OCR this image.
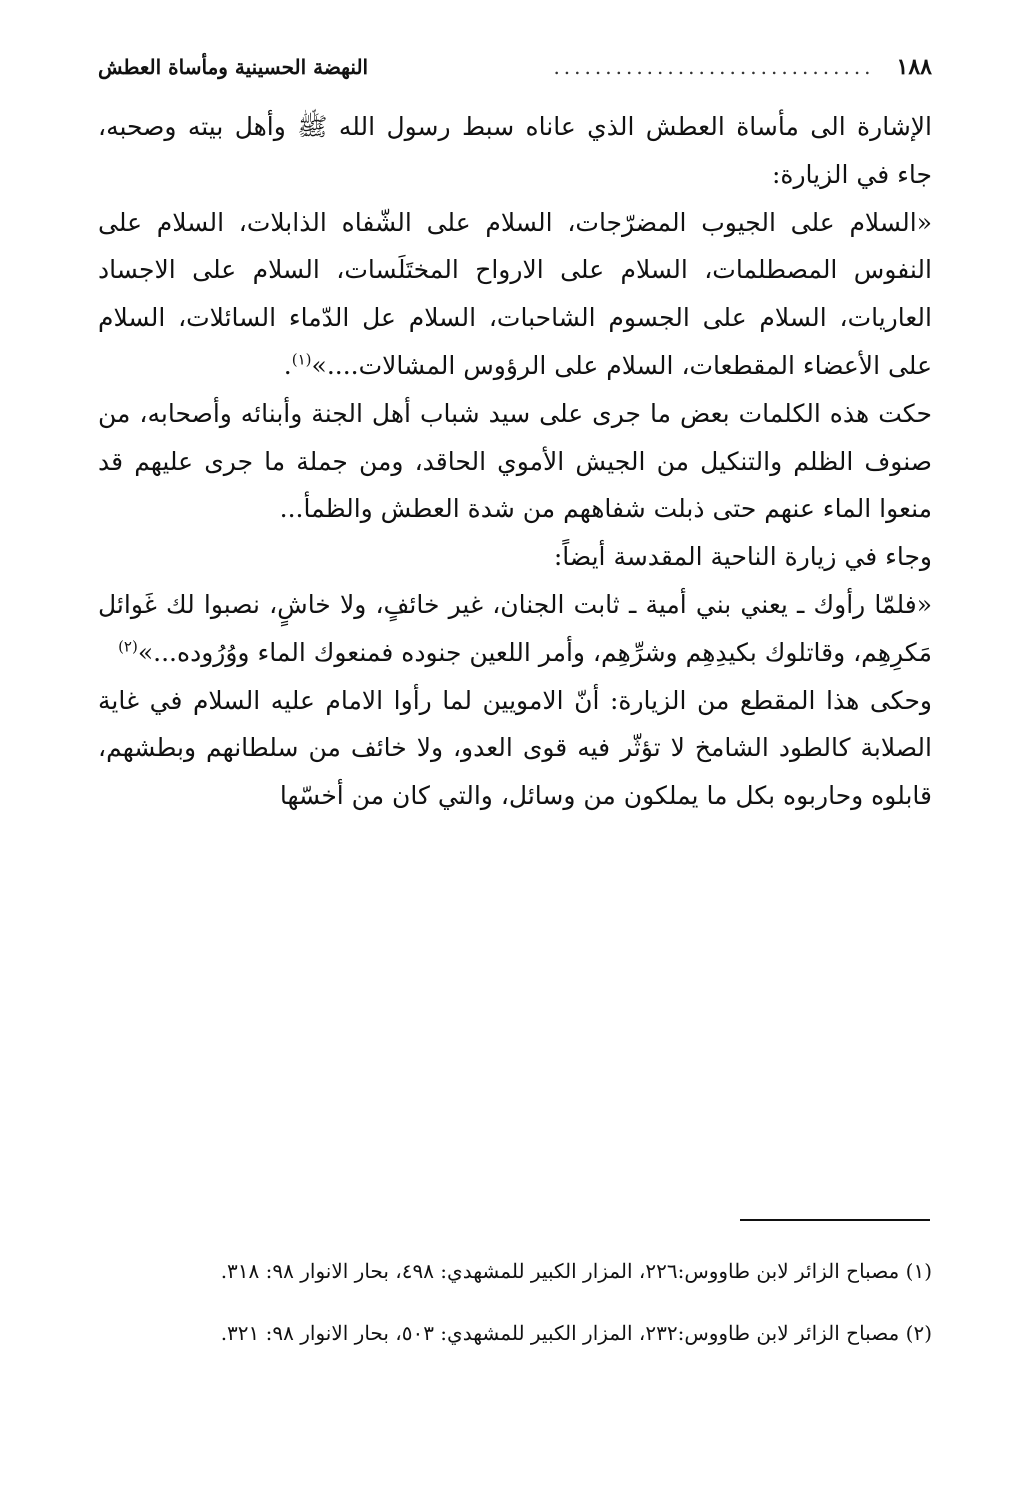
١٨٨
...............................
النهضة الحسينية ومأساة العطش

الإشارة الى مأساة العطش الذي عاناه سبط رسول الله ﷺ وأهل بيته وصحبه، جاء في الزيارة:

«السلام على الجيوب المضرّجات، السلام على الشّفاه الذابلات، السلام على النفوس المصطلمات، السلام على الارواح المختَلَسات، السلام على الاجساد العاريات، السلام على الجسوم الشاحبات، السلام عل الدّماء السائلات، السلام على الأعضاء المقطعات، السلام على الرؤوس المشالات....»$^{(١)}$.

حكت هذه الكلمات بعض ما جرى على سيد شباب أهل الجنة وأبنائه وأصحابه، من صنوف الظلم والتنكيل من الجيش الأموي الحاقد، ومن جملة ما جرى عليهم قد منعوا الماء عنهم حتى ذبلت شفاههم من شدة العطش والظمأ...

وجاء في زيارة الناحية المقدسة أيضاً:

«فلمّا رأوك ـ يعني بني أمية ـ ثابت الجنان، غير خائفٍ، ولا خاشٍ، نصبوا لك غَوائل مَكرِهِم، وقاتلوك بكيدِهِم وشرِّهِم، وأمر اللعين جنوده فمنعوك الماء ووُرُوده...»$^{(٢)}$

وحكى هذا المقطع من الزيارة: أنّ الامويين لما رأوا الامام عليه السلام في غاية الصلابة كالطود الشامخ لا تؤثّر فيه قوى العدو، ولا خائف من سلطانهم وبطشهم، قابلوه وحاربوه بكل ما يملكون من وسائل، والتي كان من أخسّها

(١) مصباح الزائر لابن طاووس:٢٢٦، المزار الكبير للمشهدي: ٤٩٨، بحار الانوار ٩٨: ٣١٨.

(٢) مصباح الزائر لابن طاووس:٢٣٢، المزار الكبير للمشهدي: ٥٠٣، بحار الانوار ٩٨: ٣٢١.
